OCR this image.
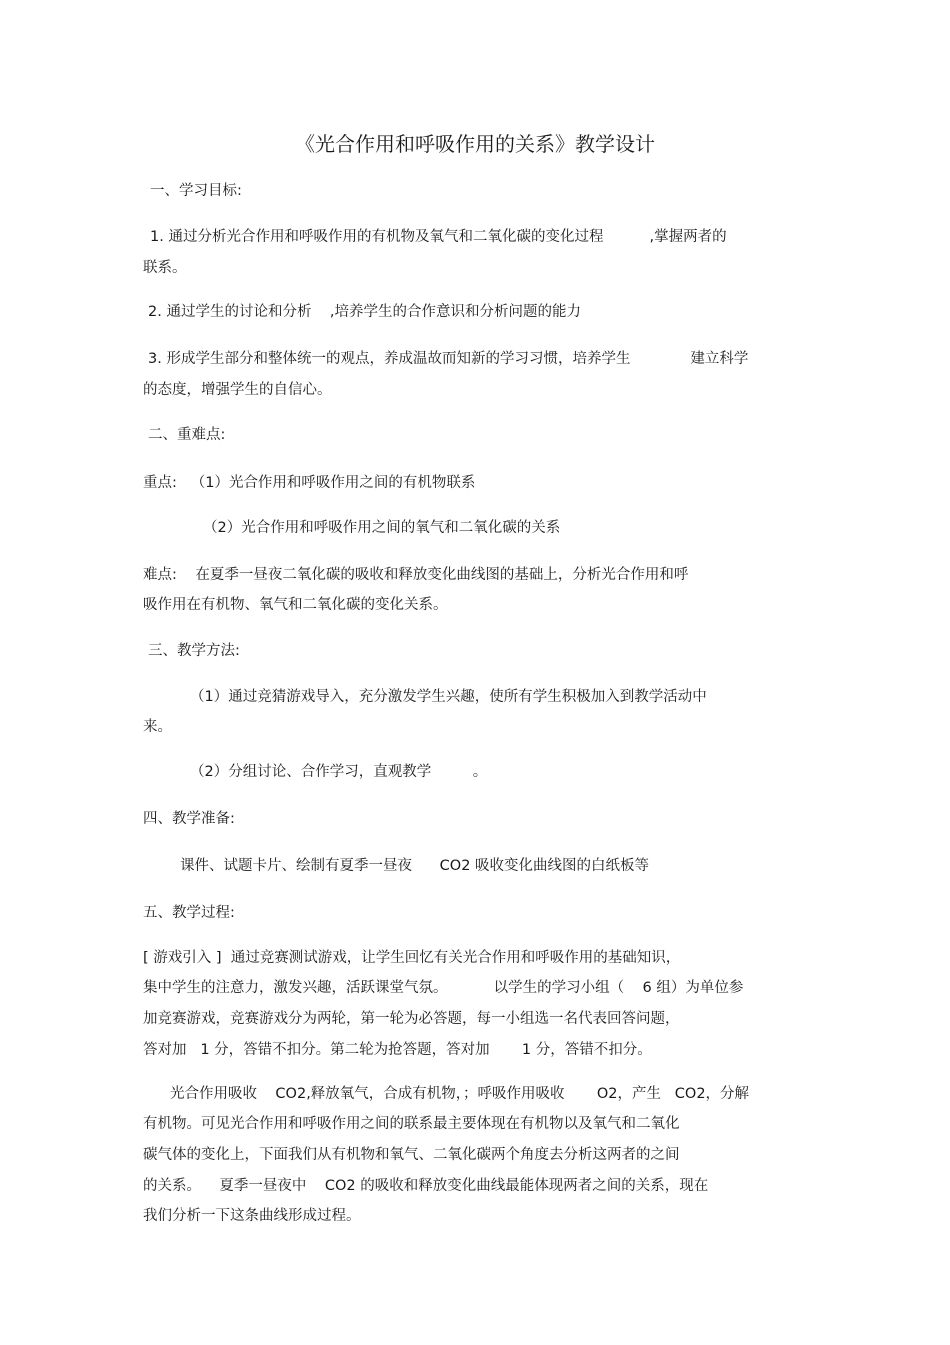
《光合作用和呼吸作用的关系》教学设计
一、学习目标:
1. 通过分析光合作用和呼吸作用的有机物及氧气和二氧化碳的变化过程          ,掌握两者的
联系。
2. 通过学生的讨论和分析    ,培养学生的合作意识和分析问题的能力
3. 形成学生部分和整体统一的观点，养成温故而知新的学习习惯，培养学生             建立科学
的态度，增强学生的自信心。
二、重难点:
重点:   （1）光合作用和呼吸作用之间的有机物联系
（2）光合作用和呼吸作用之间的氧气和二氧化碳的关系
难点:    在夏季一昼夜二氧化碳的吸收和释放变化曲线图的基础上，分析光合作用和呼
吸作用在有机物、氧气和二氧化碳的变化关系。
三、教学方法:
（1）通过竞猜游戏导入，充分激发学生兴趣，使所有学生积极加入到教学活动中
来。
（2）分组讨论、合作学习，直观教学         。
四、教学准备:
课件、试题卡片、绘制有夏季一昼夜      CO2 吸收变化曲线图的白纸板等
五、教学过程:
[ 游戏引入 ]  通过竞赛测试游戏，让学生回忆有关光合作用和呼吸作用的基础知识，
集中学生的注意力，激发兴趣，活跃课堂气氛。          以学生的学习小组（    6 组）为单位参
加竞赛游戏，竞赛游戏分为两轮，第一轮为必答题，每一小组选一名代表回答问题，
答对加   1 分，答错不扣分。第二轮为抢答题，答对加       1 分，答错不扣分。
光合作用吸收    CO2,释放氧气，合成有机物，；呼吸作用吸收       O2，产生   CO2，分解
有机物。可见光合作用和呼吸作用之间的联系最主要体现在有机物以及氧气和二氧化
碳气体的变化上，下面我们从有机物和氧气、二氧化碳两个角度去分析这两者的之间
的关系。    夏季一昼夜中    CO2 的吸收和释放变化曲线最能体现两者之间的关系，现在
我们分析一下这条曲线形成过程。
